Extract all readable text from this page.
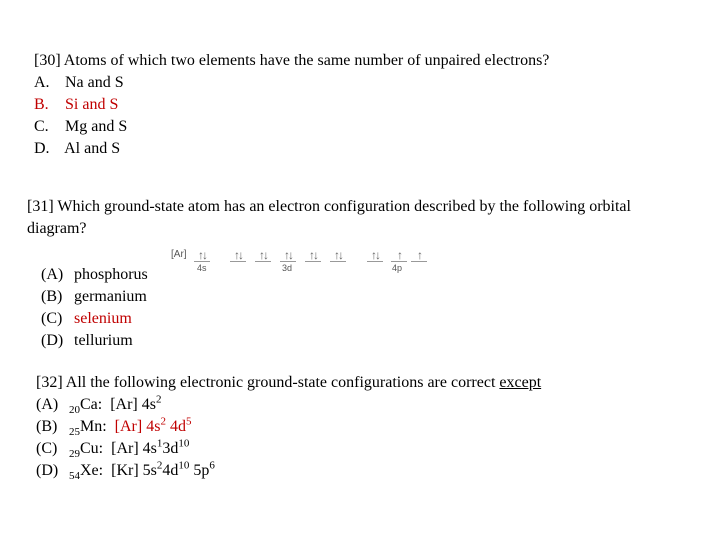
[30] Atoms of which two elements have the same number of unpaired electrons?
A. Na and S
B. Si and S
C. Mg and S
D. Al and S
[31] Which ground-state atom has an electron configuration described by the following orbital diagram?
[Ar] ↑↓
4s
↑↓ ↑↓ ↑↓ ↑↓ ↑↓
3d
↑↓	↑	↑
4p
(A) phosphorus
(B) germanium
(C) selenium
(D) tellurium
[32] All the following electronic ground-state configurations are correct except
(A) $_{20}$Ca: [Ar] $4s^2$
(B) $_{25}$Mn: [Ar] $4s^2$ $4d^5$
(C) $_{29}$Cu: [Ar] $4s^13d^{10}$
(D) $_{54}$Xe: [Kr] $5s^24d^{10}$ $5p^6$
